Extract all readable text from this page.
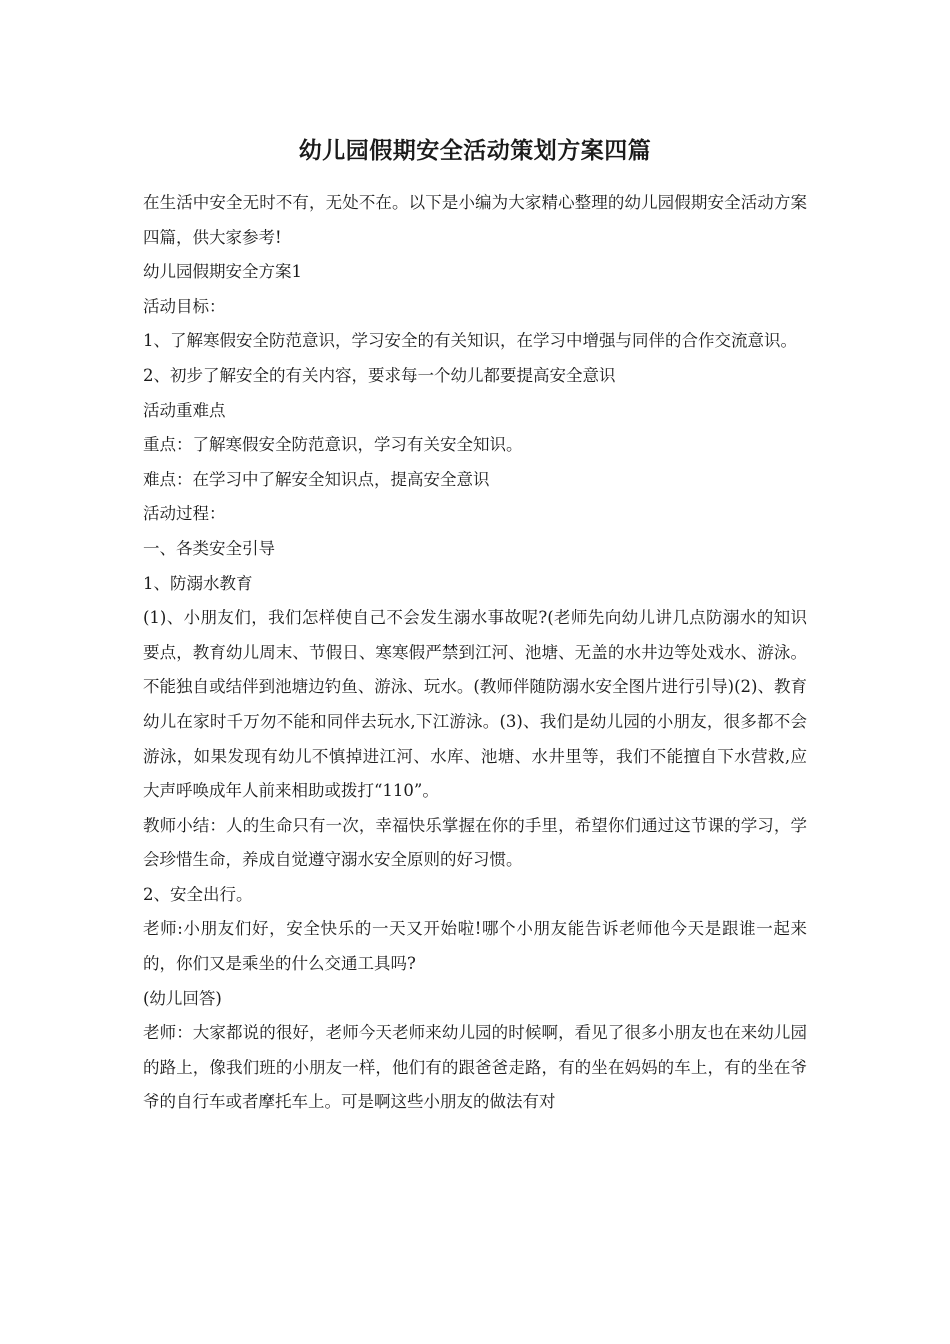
幼儿园假期安全活动策划方案四篇

在生活中安全无时不有，无处不在。以下是小编为大家精心整理的幼儿园假期安全活动方案四篇，供大家参考!

幼儿园假期安全方案1

活动目标：

1、了解寒假安全防范意识，学习安全的有关知识，在学习中增强与同伴的合作交流意识。

2、初步了解安全的有关内容，要求每一个幼儿都要提高安全意识

活动重难点

重点：了解寒假安全防范意识，学习有关安全知识。

难点：在学习中了解安全知识点，提高安全意识

活动过程：

一、各类安全引导

1、防溺水教育

(1)、小朋友们，我们怎样使自己不会发生溺水事故呢?(老师先向幼儿讲几点防溺水的知识要点，教育幼儿周末、节假日、寒寒假严禁到江河、池塘、无盖的水井边等处戏水、游泳。不能独自或结伴到池塘边钓鱼、游泳、玩水。(教师伴随防溺水安全图片进行引导)(2)、教育幼儿在家时千万勿不能和同伴去玩水,下江游泳。(3)、我们是幼儿园的小朋友，很多都不会游泳，如果发现有幼儿不慎掉进江河、水库、池塘、水井里等，我们不能擅自下水营救,应大声呼唤成年人前来相助或拨打“110”。

教师小结：人的生命只有一次，幸福快乐掌握在你的手里，希望你们通过这节课的学习，学会珍惜生命，养成自觉遵守溺水安全原则的好习惯。

2、安全出行。

老师:小朋友们好，安全快乐的一天又开始啦!哪个小朋友能告诉老师他今天是跟谁一起来的，你们又是乘坐的什么交通工具吗?

(幼儿回答)

老师：大家都说的很好，老师今天老师来幼儿园的时候啊，看见了很多小朋友也在来幼儿园的路上，像我们班的小朋友一样，他们有的跟爸爸走路，有的坐在妈妈的车上，有的坐在爷爷的自行车或者摩托车上。可是啊这些小朋友的做法有对
